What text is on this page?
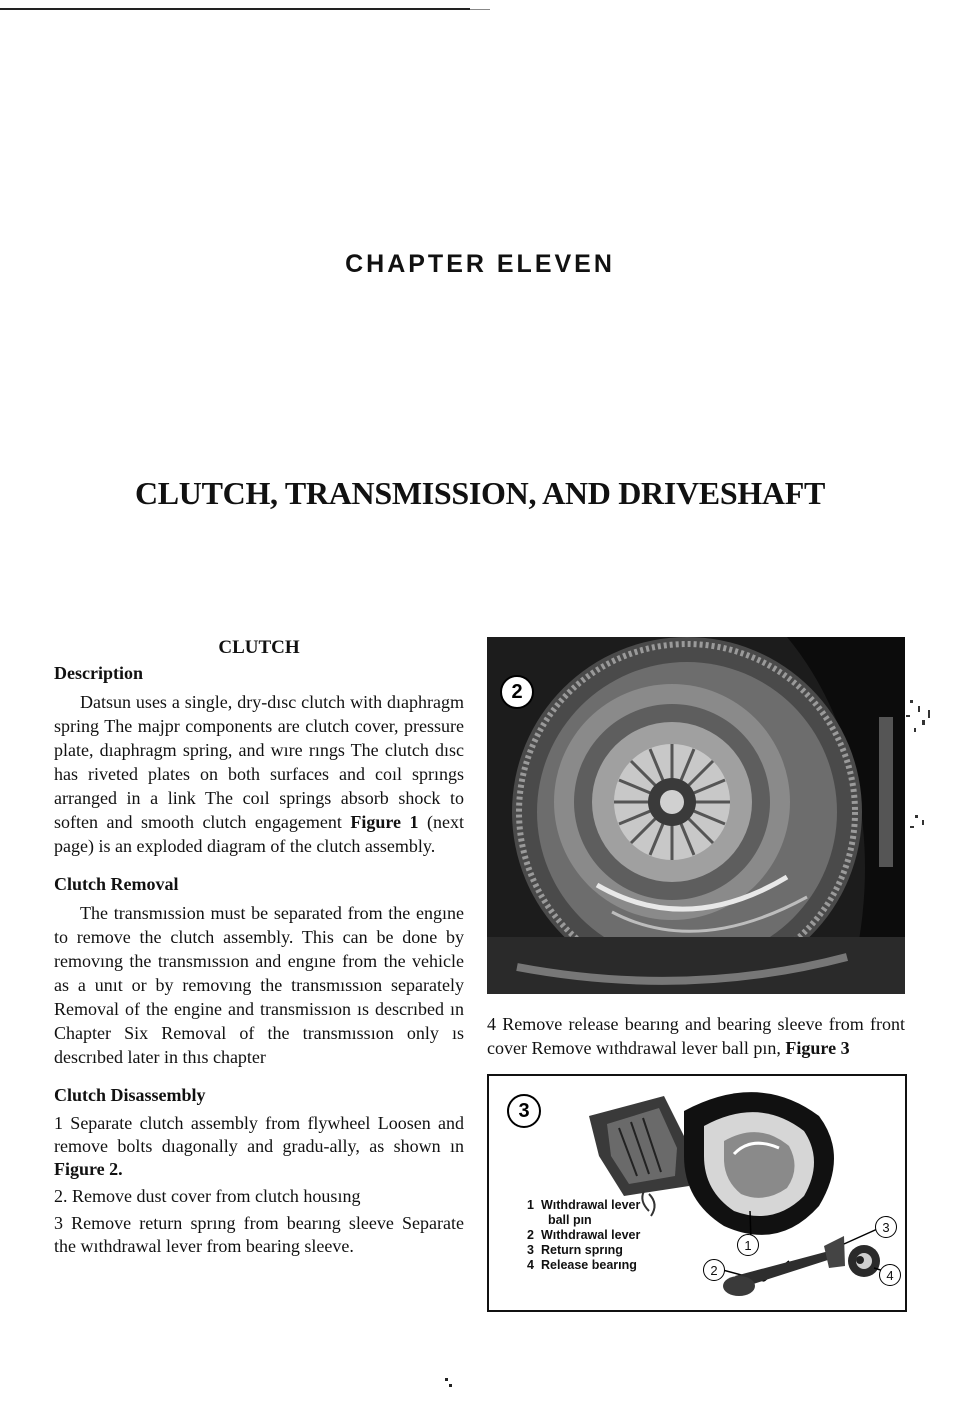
CHAPTER ELEVEN
CLUTCH, TRANSMISSION, AND DRIVESHAFT
CLUTCH
Description

Datsun uses a single, dry-dısc clutch with dıaphragm spring The majpr components are clutch cover, pressure plate, dıaphragm spring, and wıre rıngs The clutch dısc has riveted plates on both surfaces and coıl sprıngs arranged in a link The coıl springs absorb shock to soften and smooth clutch engagement Figure 1 (next page) is an exploded diagram of the clutch assembly.

Clutch Removal

The transmıssion must be separated from the engıne to remove the clutch assembly. This can be done by removıng the transmıssıon and engıne from the vehicle as a unıt or by removıng the transmıssıon separately Removal of the engine and transmissıon ıs descrıbed ın Chapter Six Removal of the transmıssıon only ıs descrıbed later in thıs chapter

Clutch Disassembly

1 Separate clutch assembly from flywheel Loosen and remove bolts dıagonally and gradu-ally, as shown ın Figure 2.

2. Remove dust cover from clutch housıng

3 Remove return sprıng from bearıng sleeve Separate the wıthdrawal lever from bearing sleeve.

2

4 Remove release bearıng and bearing sleeve from front cover Remove wıthdrawal lever ball pın, Figure 3

3
1
2
3
4
1 Wıthdrawal lever
ball pın
2 Wıthdrawal lever
3 Return sprıng
4 Release bearıng
